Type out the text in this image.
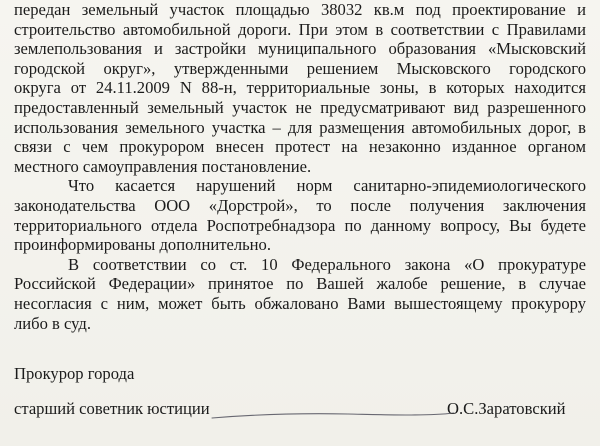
передан земельный участок площадью 38032 кв.м под проектирование и
строительство автомобильной дороги. При этом в соответствии с Правилами
землепользования и застройки муниципального образования «Мысковский
городской округ», утвержденными решением Мысковского городского
округа от 24.11.2009 N 88-н, территориальные зоны, в которых находится
предоставленный земельный участок не предусматривают вид разрешенного
использования земельного участка – для размещения автомобильных дорог, в
связи с чем прокурором внесен протест на незаконно изданное органом
местного самоуправления постановление.

Что касается нарушений норм санитарно-эпидемиологического
законодательства ООО «Дорстрой», то после получения заключения
территориального отдела Роспотребнадзора по данному вопросу, Вы будете
проинформированы дополнительно.

В соответствии со ст. 10 Федерального закона «О прокуратуре
Российской Федерации» принятое по Вашей жалобе решение, в случае
несогласия с ним, может быть обжаловано Вами вышестоящему прокурору
либо в суд.

Прокурор города
старший советник юстиции	О.С.Заратовский
